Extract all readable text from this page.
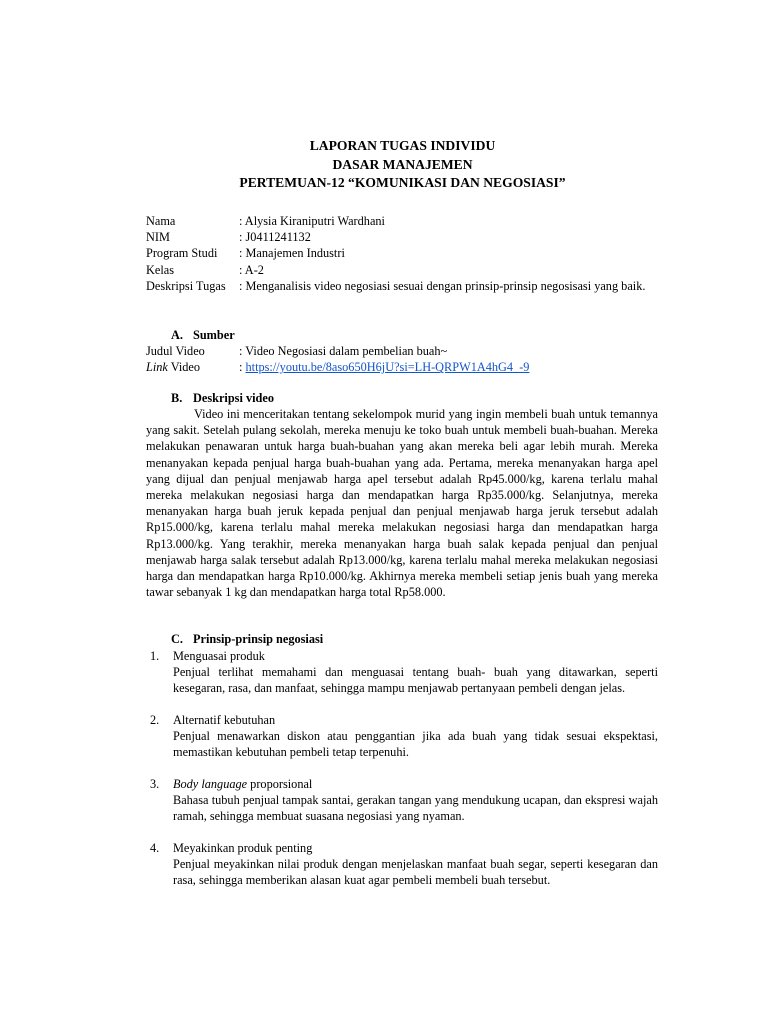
LAPORAN TUGAS INDIVIDU
DASAR MANAJEMEN
PERTEMUAN-12 “KOMUNIKASI DAN NEGOSIASI”
Nama	: Alysia Kiraniputri Wardhani
NIM	: J0411241132
Program Studi	: Manajemen Industri
Kelas	: A-2
Deskripsi Tugas : Menganalisis video negosiasi sesuai dengan prinsip-prinsip negosisasi yang baik.
A. Sumber
Judul Video	: Video Negosiasi dalam pembelian buah~
Link Video	: https://youtu.be/8aso650H6jU?si=LH-QRPW1A4hG4_-9
B. Deskripsi video

Video ini menceritakan tentang sekelompok murid yang ingin membeli buah untuk temannya yang sakit. Setelah pulang sekolah, mereka menuju ke toko buah untuk membeli buah-buahan. Mereka melakukan penawaran untuk harga buah-buahan yang akan mereka beli agar lebih murah. Mereka menanyakan kepada penjual harga buah-buahan yang ada. Pertama, mereka menanyakan harga apel yang dijual dan penjual menjawab harga apel tersebut adalah Rp45.000/kg, karena terlalu mahal mereka melakukan negosiasi harga dan mendapatkan harga Rp35.000/kg. Selanjutnya, mereka menanyakan harga buah jeruk kepada penjual dan penjual menjawab harga jeruk tersebut adalah Rp15.000/kg, karena terlalu mahal mereka melakukan negosiasi harga dan mendapatkan harga Rp13.000/kg. Yang terakhir, mereka menanyakan harga buah salak kepada penjual dan penjual menjawab harga salak tersebut adalah Rp13.000/kg, karena terlalu mahal mereka melakukan negosiasi harga dan mendapatkan harga Rp10.000/kg. Akhirnya mereka membeli setiap jenis buah yang mereka tawar sebanyak 1 kg dan mendapatkan harga total Rp58.000.

C. Prinsip-prinsip negosiasi
1. Menguasai produk
Penjual terlihat memahami dan menguasai tentang buah- buah yang ditawarkan, seperti kesegaran, rasa, dan manfaat, sehingga mampu menjawab pertanyaan pembeli dengan jelas.
2. Alternatif kebutuhan
Penjual menawarkan diskon atau penggantian jika ada buah yang tidak sesuai ekspektasi, memastikan kebutuhan pembeli tetap terpenuhi.
3. Body language proporsional
Bahasa tubuh penjual tampak santai, gerakan tangan yang mendukung ucapan, dan ekspresi wajah ramah, sehingga membuat suasana negosiasi yang nyaman.
4. Meyakinkan produk penting
Penjual meyakinkan nilai produk dengan menjelaskan manfaat buah segar, seperti kesegaran dan rasa, sehingga memberikan alasan kuat agar pembeli membeli buah tersebut.
